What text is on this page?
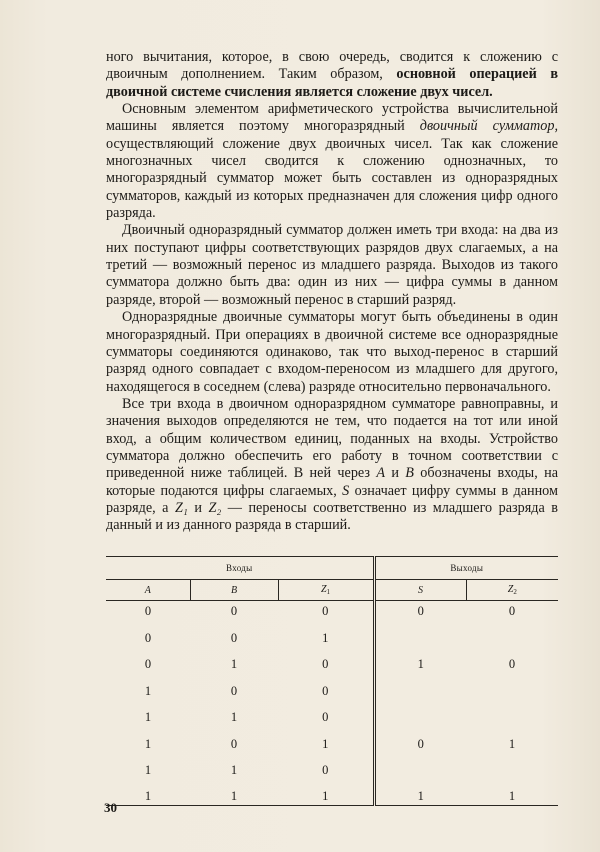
ного вычитания, которое, в свою очередь, сводится к сложению с двоичным дополнением. Таким образом, основной операцией в двоичной системе счисления является сложение двух чисел.

Основным элементом арифметического устройства вычислительной машины является поэтому многоразрядный двоичный сумматор, осуществляющий сложение двух двоичных чисел. Так как сложение многозначных чисел сводится к сложению однозначных, то многоразрядный сумматор может быть составлен из одноразрядных сумматоров, каждый из которых предназначен для сложения цифр одного разряда.

Двоичный одноразрядный сумматор должен иметь три входа: на два из них поступают цифры соответствующих разрядов двух слагаемых, а на третий — возможный перенос из младшего разряда. Выходов из такого сумматора должно быть два: один из них — цифра суммы в данном разряде, второй — возможный перенос в старший разряд.

Одноразрядные двоичные сумматоры могут быть объединены в один многоразрядный. При операциях в двоичной системе все одноразрядные сумматоры соединяются одинаково, так что выход-перенос в старший разряд одного совпадает с входом-переносом из младшего для другого, находящегося в соседнем (слева) разряде относительно первоначального.

Все три входа в двоичном одноразрядном сумматоре равноправны, и значения выходов определяются не тем, что подается на тот или иной вход, а общим количеством единиц, поданных на входы. Устройство сумматора должно обеспечить его работу в точном соответствии с приведенной ниже таблицей. В ней через A и B обозначены входы, на которые подаются цифры слагаемых, S означает цифру суммы в данном разряде, а Z₁ и Z₂ — переносы соответственно из младшего разряда в данный и из данного разряда в старший.

Входы			Выходы	
A	B	$Z_1$	S	$Z_2$
0	0	0	0	0
0	0	1		
0	1	0	1	0
1	0	0		
1	1	0		
1	0	1	0	1
1	1	0		
1	1	1	1	1
30
